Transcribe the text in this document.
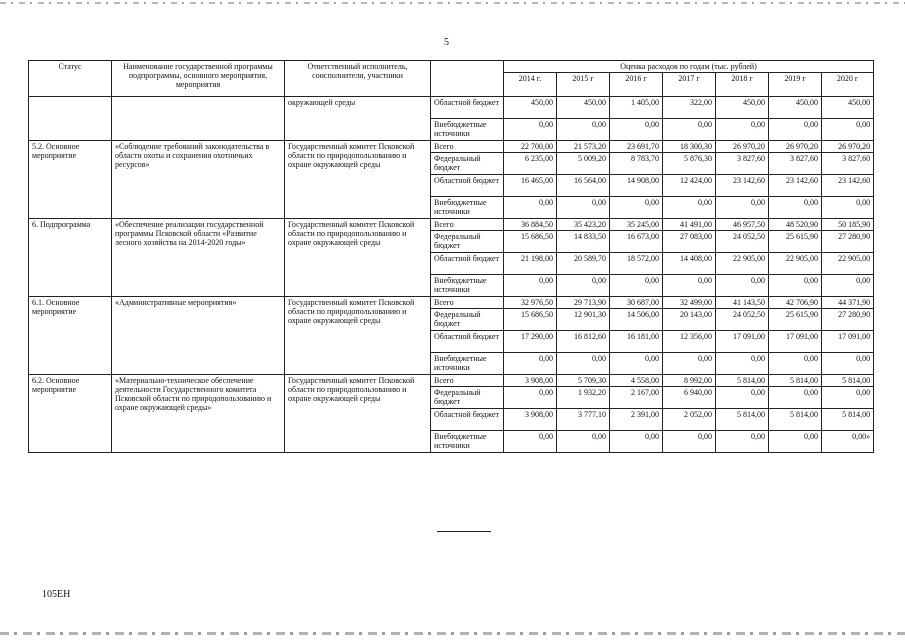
5
Статус	Наименование государственной программы подпрограммы, основного мероприятия, мероприятия	Ответственный исполнитель, соисполнители, участники		Оценка расходов по годам (тыс. рублей)						
				2014 г.	2015 г	2016 г	2017 г	2018 г	2019 г	2020 г
		окружающей среды	Областной бюджет	450,00	450,00	1 405,00	322,00	450,00	450,00	450,00
			Внебюджетные источники	0,00	0,00	0,00	0,00	0,00	0,00	0,00
5.2. Основное мероприятие	«Соблюдение требований законодательства в области охоты и сохранения охотничьих ресурсов»	Государственный комитет Псковской области по природопользованию и охране окружающей среды	Всего	22 700,00	21 573,20	23 691,70	18 300,30	26 970,20	26 970,20	26 970,20
			Федеральный бюджет	6 235,00	5 009,20	8 783,70	5 876,30	3 827,60	3 827,60	3 827,60
			Областной бюджет	16 465,00	16 564,00	14 908,00	12 424,00	23 142,60	23 142,60	23 142,60
			Внебюджетные источники	0,00	0,00	0,00	0,00	0,00	0,00	0,00
6. Подпрограмма	«Обеспечение реализации государственной программы Псковской области «Развитие лесного хозяйства на 2014-2020 годы»	Государственный комитет Псковской области по природопользованию и охране окружающей среды	Всего	36 884,50	35 423,20	35 245,00	41 491,00	46 957,50	48 520,90	50 185,90
			Федеральный бюджет	15 686,50	14 833,50	16 673,00	27 083,00	24 052,50	25 615,90	27 280,90
			Областной бюджет	21 198,00	20 589,70	18 572,00	14 408,00	22 905,00	22 905,00	22 905,00
			Внебюджетные источники	0,00	0,00	0,00	0,00	0,00	0,00	0,00
6.1. Основное мероприятие	«Административные мероприятия»	Государственный комитет Псковской области по природопользованию и охране окружающей среды	Всего	32 976,50	29 713,90	30 687,00	32 499,00	41 143,50	42 706,90	44 371,90
			Федеральный бюджет	15 686,50	12 901,30	14 506,00	20 143,00	24 052,50	25 615,90	27 280,90
			Областной бюджет	17 290,00	16 812,60	16 181,00	12 356,00	17 091,00	17 091,00	17 091,00
			Внебюджетные источники	0,00	0,00	0,00	0,00	0,00	0,00	0,00
6.2. Основное мероприятие	«Материально-техническое обеспечение деятельности Государственного комитета Псковской области по природопользованию и охране окружающей среды»	Государственный комитет Псковской области по природопользованию и охране окружающей среды	Всего	3 908,00	5 709,30	4 558,00	8 992,00	5 814,00	5 814,00	5 814,00
			Федеральный бюджет	0,00	1 932,20	2 167,00	6 940,00	0,00	0,00	0,00
			Областной бюджет	3 908,00	3 777,10	2 391,00	2 052,00	5 814,00	5 814,00	5 814,00
			Внебюджетные источники	0,00	0,00	0,00	0,00	0,00	0,00	0,00»
105ЕН
